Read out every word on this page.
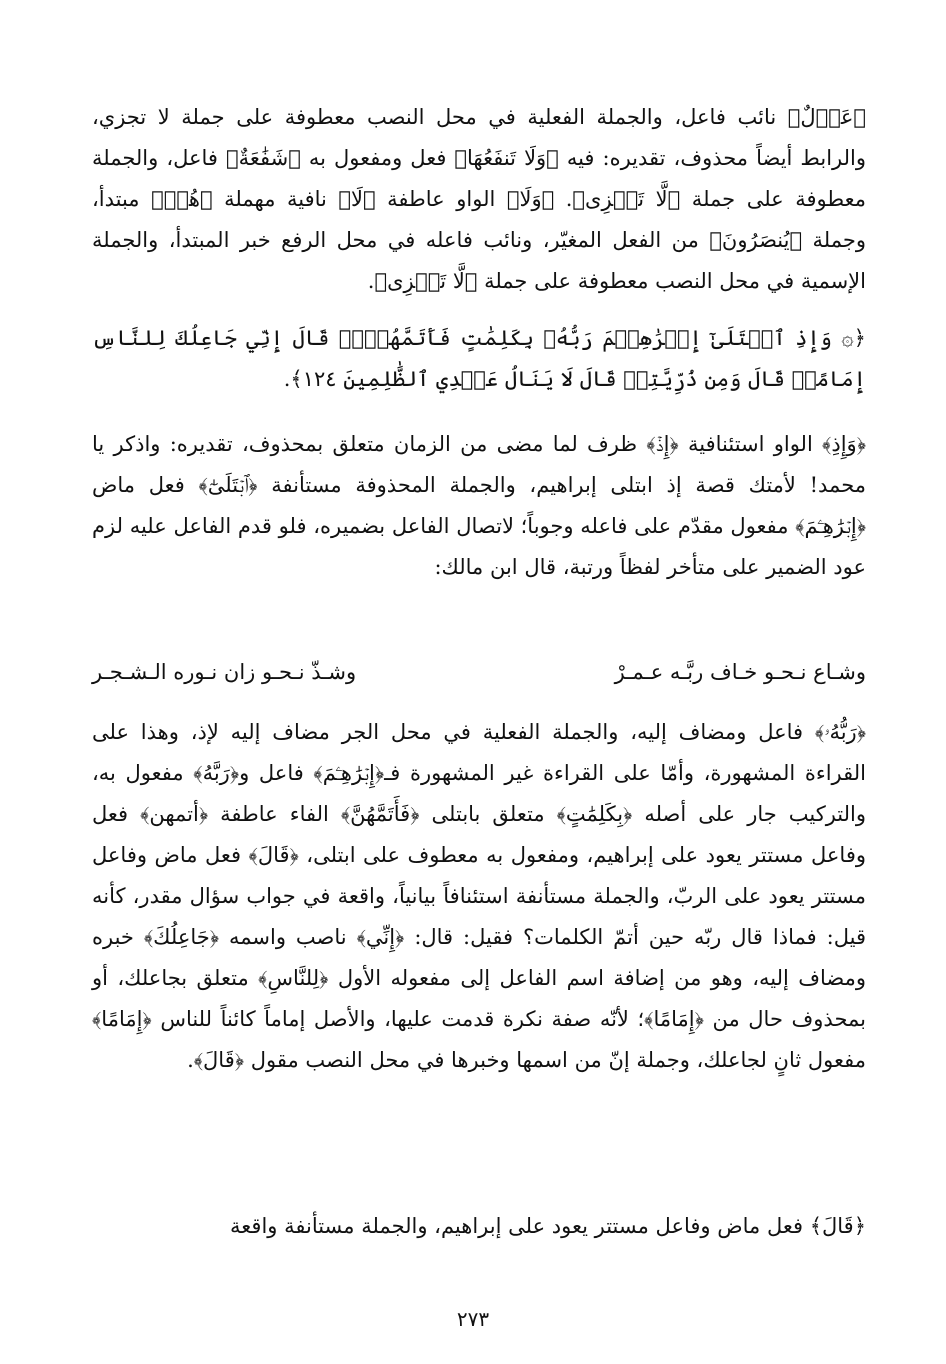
﴿عَدۡلٌ﴾ نائب فاعل، والجملة الفعلية في محل النصب معطوفة على جملة لا تجزي، والرابط أيضاً محذوف، تقديره: فيه ﴿وَلَا تَنفَعُهَا﴾ فعل ومفعول به ﴿شَفَٰعَةٌ﴾ فاعل، والجملة معطوفة على جملة ﴿لَّا تَجۡزِى﴾. ﴿وَلَا﴾ الواو عاطفة ﴿لَا﴾ نافية مهملة ﴿هُمۡ﴾ مبتدأ، وجملة ﴿يُنصَرُونَ﴾ من الفعل المغيّر، ونائب فاعله في محل الرفع خبر المبتدأ، والجملة الإسمية في محل النصب معطوفة على جملة ﴿لَّا تَجۡزِى﴾.
﴿۞ وَإِذِ ٱبۡتَلَىٰٓ إِبۡرَٰهِـۧمَ رَبُّهُۥ بِكَلِمَٰتٍ فَأَتَمَّهُنَّۖ قَالَ إِنِّي جَاعِلُكَ لِلنَّاسِ إِمَامًاۖ قَالَ وَمِن ذُرِّيَّتِيۖ قَالَ لَا يَنَالُ عَهۡدِي ٱلظَّٰلِمِينَ ١٢٤﴾.
﴿وَإِذِ﴾ الواو استئنافية ﴿إِذۡ﴾ ظرف لما مضى من الزمان متعلق بمحذوف، تقديره: واذكر يا محمد! لأمتك قصة إذ ابتلى إبراهيم، والجملة المحذوفة مستأنفة ﴿ٱبۡتَلَىٰٓ﴾ فعل ماض ﴿إِبۡرَٰهِـۧمَ﴾ مفعول مقدّم على فاعله وجوباً؛ لاتصال الفاعل بضميره، فلو قدم الفاعل عليه لزم عود الضمير على متأخر لفظاً ورتبة، قال ابن مالك:
وشـاع نـحـو خـاف ربَّـه عـمـرْ
وشـذّ نـحـو زان نـوره الـشـجـر
﴿رَبُّهُۥ﴾ فاعل ومضاف إليه، والجملة الفعلية في محل الجر مضاف إليه لإذ، وهذا على القراءة المشهورة، وأمّا على القراءة غير المشهورة فـ﴿إِبۡرَٰهِـۧمَ﴾ فاعل و﴿رَبَّهُ﴾ مفعول به، والتركيب جار على أصله ﴿بِكَلِمَٰتٍ﴾ متعلق بابتلى ﴿فَأَتَمَّهُنَّ﴾ الفاء عاطفة ﴿أتمهن﴾ فعل وفاعل مستتر يعود على إبراهيم، ومفعول به معطوف على ابتلى، ﴿قَالَ﴾ فعل ماض وفاعل مستتر يعود على الربّ، والجملة مستأنفة استئنافاً بيانياً، واقعة في جواب سؤال مقدر، كأنه قيل: فماذا قال ربّه حين أتمّ الكلمات؟ فقيل: قال: ﴿إِنِّي﴾ ناصب واسمه ﴿جَاعِلُكَ﴾ خبره ومضاف إليه، وهو من إضافة اسم الفاعل إلى مفعوله الأول ﴿لِلنَّاسِ﴾ متعلق بجاعلك، أو بمحذوف حال من ﴿إِمَامًا﴾؛ لأنّه صفة نكرة قدمت عليها، والأصل إماماً كائناً للناس ﴿إِمَامًا﴾ مفعول ثانٍ لجاعلك، وجملة إنّ من اسمها وخبرها في محل النصب مقول ﴿قَالَ﴾.
﴿قَالَ﴾ فعل ماض وفاعل مستتر يعود على إبراهيم، والجملة مستأنفة واقعة
٢٧٣
